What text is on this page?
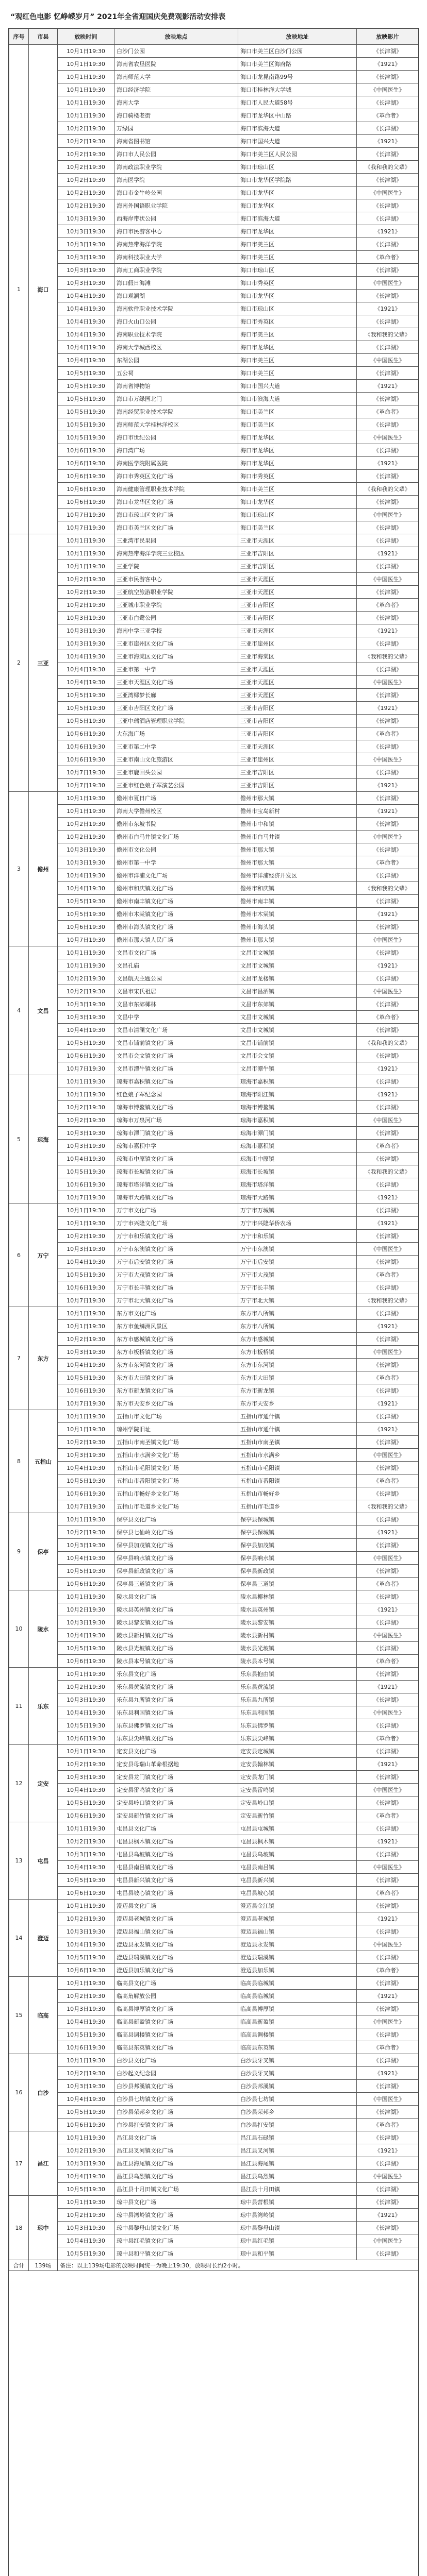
“观红色电影 忆峥嵘岁月” 2021年全省迎国庆免费观影活动安排表
序号	市县	放映时间	放映地点	放映地址	放映影片
1	海口	10月1日19:30	白沙门公园	海口市美兰区白沙门公园	《长津湖》
		10月1日19:30	海南省农垦医院	海口市美兰区海府路	《1921》
		10月1日19:30	海南师范大学	海口市龙昆南路99号	《长津湖》
		10月1日19:30	海口经济学院	海口市桂林洋大学城	《中国医生》
		10月1日19:30	海南大学	海口市人民大道58号	《长津湖》
		10月1日19:30	海口骑楼老街	海口市龙华区中山路	《革命者》
		10月2日19:30	万绿园	海口市滨海大道	《长津湖》
		10月2日19:30	海南省图书馆	海口市国兴大道	《1921》
		10月2日19:30	海口市人民公园	海口市美兰区人民公园	《长津湖》
		10月2日19:30	海南政法职业学院	海口市琼山区	《我和我的父辈》
		10月2日19:30	海南医学院	海口市龙华区学院路	《长津湖》
		10月2日19:30	海口市金牛岭公园	海口市龙华区	《中国医生》
		10月2日19:30	海南外国语职业学院	海口市龙华区	《长津湖》
		10月3日19:30	西海岸带状公园	海口市滨海大道	《长津湖》
		10月3日19:30	海口市民游客中心	海口市龙华区	《1921》
		10月3日19:30	海南热带海洋学院	海口市美兰区	《长津湖》
		10月3日19:30	海南科技职业大学	海口市美兰区	《革命者》
		10月3日19:30	海南工商职业学院	海口市琼山区	《长津湖》
		10月3日19:30	海口假日海滩	海口市秀英区	《中国医生》
		10月4日19:30	海口观澜湖	海口市龙华区	《长津湖》
		10月4日19:30	海南软件职业技术学院	海口市琼山区	《1921》
		10月4日19:30	海口火山口公园	海口市秀英区	《长津湖》
		10月4日19:30	海南职业技术学院	海口市美兰区	《我和我的父辈》
		10月4日19:30	海南大学城西校区	海口市龙华区	《长津湖》
		10月4日19:30	东湖公园	海口市美兰区	《中国医生》
		10月5日19:30	五公祠	海口市美兰区	《长津湖》
		10月5日19:30	海南省博物馆	海口市国兴大道	《1921》
		10月5日19:30	海口市万绿园北门	海口市滨海大道	《长津湖》
		10月5日19:30	海南经贸职业技术学院	海口市美兰区	《革命者》
		10月5日19:30	海南师范大学桂林洋校区	海口市美兰区	《长津湖》
		10月5日19:30	海口市世纪公园	海口市龙华区	《中国医生》
		10月6日19:30	海口湾广场	海口市龙华区	《长津湖》
		10月6日19:30	海南医学院附属医院	海口市龙华区	《1921》
		10月6日19:30	海口市秀英区文化广场	海口市秀英区	《长津湖》
		10月6日19:30	海南健康管理职业技术学院	海口市美兰区	《我和我的父辈》
		10月6日19:30	海口市龙华区文化广场	海口市龙华区	《长津湖》
		10月7日19:30	海口市琼山区文化广场	海口市琼山区	《中国医生》
		10月7日19:30	海口市美兰区文化广场	海口市美兰区	《长津湖》
2	三亚	10月1日19:30	三亚湾市民果园	三亚市天涯区	《长津湖》
		10月1日19:30	海南热带海洋学院三亚校区	三亚市吉阳区	《1921》
		10月1日19:30	三亚学院	三亚市吉阳区	《长津湖》
		10月2日19:30	三亚市民游客中心	三亚市天涯区	《中国医生》
		10月2日19:30	三亚航空旅游职业学院	三亚市天涯区	《长津湖》
		10月2日19:30	三亚城市职业学院	三亚市吉阳区	《革命者》
		10月3日19:30	三亚市白鹭公园	三亚市吉阳区	《长津湖》
		10月3日19:30	海南中学三亚学校	三亚市天涯区	《1921》
		10月3日19:30	三亚市崖州区文化广场	三亚市崖州区	《长津湖》
		10月4日19:30	三亚市海棠区文化广场	三亚市海棠区	《我和我的父辈》
		10月4日19:30	三亚市第一中学	三亚市天涯区	《长津湖》
		10月4日19:30	三亚市天涯区文化广场	三亚市天涯区	《中国医生》
		10月5日19:30	三亚湾椰梦长廊	三亚市天涯区	《长津湖》
		10月5日19:30	三亚市吉阳区文化广场	三亚市吉阳区	《1921》
		10月5日19:30	三亚中瑞酒店管理职业学院	三亚市吉阳区	《长津湖》
		10月6日19:30	大东海广场	三亚市吉阳区	《革命者》
		10月6日19:30	三亚市第二中学	三亚市天涯区	《长津湖》
		10月6日19:30	三亚市南山文化旅游区	三亚市崖州区	《中国医生》
		10月7日19:30	三亚市鹿回头公园	三亚市吉阳区	《长津湖》
		10月7日19:30	三亚市红色娘子军演艺公园	三亚市吉阳区	《1921》
3	儋州	10月1日19:30	儋州市夏日广场	儋州市那大镇	《长津湖》
		10月1日19:30	海南大学儋州校区	儋州市宝岛新村	《1921》
		10月2日19:30	儋州市东坡书院	儋州市中和镇	《长津湖》
		10月2日19:30	儋州市白马井镇文化广场	儋州市白马井镇	《中国医生》
		10月3日19:30	儋州市文化公园	儋州市那大镇	《长津湖》
		10月3日19:30	儋州市第一中学	儋州市那大镇	《革命者》
		10月4日19:30	儋州市洋浦文化广场	儋州市洋浦经济开发区	《长津湖》
		10月4日19:30	儋州市和庆镇文化广场	儋州市和庆镇	《我和我的父辈》
		10月5日19:30	儋州市南丰镇文化广场	儋州市南丰镇	《长津湖》
		10月5日19:30	儋州市木棠镇文化广场	儋州市木棠镇	《1921》
		10月6日19:30	儋州市海头镇文化广场	儋州市海头镇	《长津湖》
		10月7日19:30	儋州市那大镇人民广场	儋州市那大镇	《中国医生》
4	文昌	10月1日19:30	文昌市文化广场	文昌市文城镇	《长津湖》
		10月1日19:30	文昌孔庙	文昌市文城镇	《1921》
		10月2日19:30	文昌航天主题公园	文昌市龙楼镇	《长津湖》
		10月2日19:30	文昌市宋氏祖居	文昌市昌洒镇	《中国医生》
		10月3日19:30	文昌市东郊椰林	文昌市东郊镇	《长津湖》
		10月3日19:30	文昌中学	文昌市文城镇	《革命者》
		10月4日19:30	文昌市清澜文化广场	文昌市文城镇	《长津湖》
		10月5日19:30	文昌市铺前镇文化广场	文昌市铺前镇	《我和我的父辈》
		10月6日19:30	文昌市会文镇文化广场	文昌市会文镇	《长津湖》
		10月7日19:30	文昌市潭牛镇文化广场	文昌市潭牛镇	《1921》
5	琼海	10月1日19:30	琼海市嘉积镇文化广场	琼海市嘉积镇	《长津湖》
		10月1日19:30	红色娘子军纪念园	琼海市阳江镇	《1921》
		10月2日19:30	琼海市博鳌镇文化广场	琼海市博鳌镇	《长津湖》
		10月2日19:30	琼海市万泉河广场	琼海市嘉积镇	《中国医生》
		10月3日19:30	琼海市潭门镇文化广场	琼海市潭门镇	《长津湖》
		10月3日19:30	琼海市嘉积中学	琼海市嘉积镇	《革命者》
		10月4日19:30	琼海市中原镇文化广场	琼海市中原镇	《长津湖》
		10月5日19:30	琼海市长坡镇文化广场	琼海市长坡镇	《我和我的父辈》
		10月6日19:30	琼海市塔洋镇文化广场	琼海市塔洋镇	《长津湖》
		10月7日19:30	琼海市大路镇文化广场	琼海市大路镇	《1921》
6	万宁	10月1日19:30	万宁市文化广场	万宁市万城镇	《长津湖》
		10月1日19:30	万宁市兴隆文化广场	万宁市兴隆华侨农场	《1921》
		10月2日19:30	万宁市和乐镇文化广场	万宁市和乐镇	《长津湖》
		10月3日19:30	万宁市东澳镇文化广场	万宁市东澳镇	《中国医生》
		10月4日19:30	万宁市后安镇文化广场	万宁市后安镇	《长津湖》
		10月5日19:30	万宁市大茂镇文化广场	万宁市大茂镇	《革命者》
		10月6日19:30	万宁市长丰镇文化广场	万宁市长丰镇	《长津湖》
		10月7日19:30	万宁市北大镇文化广场	万宁市北大镇	《我和我的父辈》
7	东方	10月1日19:30	东方市文化广场	东方市八所镇	《长津湖》
		10月1日19:30	东方市鱼鳞洲风景区	东方市八所镇	《1921》
		10月2日19:30	东方市感城镇文化广场	东方市感城镇	《长津湖》
		10月3日19:30	东方市板桥镇文化广场	东方市板桥镇	《中国医生》
		10月4日19:30	东方市东河镇文化广场	东方市东河镇	《长津湖》
		10月5日19:30	东方市大田镇文化广场	东方市大田镇	《革命者》
		10月6日19:30	东方市新龙镇文化广场	东方市新龙镇	《长津湖》
		10月7日19:30	东方市天安乡文化广场	东方市天安乡	《1921》
8	五指山	10月1日19:30	五指山市文化广场	五指山市通什镇	《长津湖》
		10月1日19:30	琼州学院旧址	五指山市通什镇	《1921》
		10月2日19:30	五指山市南圣镇文化广场	五指山市南圣镇	《长津湖》
		10月3日19:30	五指山市水满乡文化广场	五指山市水满乡	《中国医生》
		10月4日19:30	五指山市毛阳镇文化广场	五指山市毛阳镇	《长津湖》
		10月5日19:30	五指山市番阳镇文化广场	五指山市番阳镇	《革命者》
		10月6日19:30	五指山市畅好乡文化广场	五指山市畅好乡	《长津湖》
		10月7日19:30	五指山市毛道乡文化广场	五指山市毛道乡	《我和我的父辈》
9	保亭	10月1日19:30	保亭县文化广场	保亭县保城镇	《长津湖》
		10月2日19:30	保亭县七仙岭文化广场	保亭县保城镇	《1921》
		10月3日19:30	保亭县加茂镇文化广场	保亭县加茂镇	《长津湖》
		10月4日19:30	保亭县响水镇文化广场	保亭县响水镇	《中国医生》
		10月5日19:30	保亭县新政镇文化广场	保亭县新政镇	《长津湖》
		10月6日19:30	保亭县三道镇文化广场	保亭县三道镇	《革命者》
10	陵水	10月1日19:30	陵水县文化广场	陵水县椰林镇	《长津湖》
		10月2日19:30	陵水县英州镇文化广场	陵水县英州镇	《1921》
		10月3日19:30	陵水县黎安镇文化广场	陵水县黎安镇	《长津湖》
		10月4日19:30	陵水县新村镇文化广场	陵水县新村镇	《中国医生》
		10月5日19:30	陵水县光坡镇文化广场	陵水县光坡镇	《长津湖》
		10月6日19:30	陵水县本号镇文化广场	陵水县本号镇	《革命者》
11	乐东	10月1日19:30	乐东县文化广场	乐东县抱由镇	《长津湖》
		10月2日19:30	乐东县黄流镇文化广场	乐东县黄流镇	《1921》
		10月3日19:30	乐东县九所镇文化广场	乐东县九所镇	《长津湖》
		10月4日19:30	乐东县利国镇文化广场	乐东县利国镇	《中国医生》
		10月5日19:30	乐东县佛罗镇文化广场	乐东县佛罗镇	《长津湖》
		10月6日19:30	乐东县尖峰镇文化广场	乐东县尖峰镇	《革命者》
12	定安	10月1日19:30	定安县文化广场	定安县定城镇	《长津湖》
		10月2日19:30	定安县母瑞山革命根据地	定安县翰林镇	《1921》
		10月3日19:30	定安县龙门镇文化广场	定安县龙门镇	《长津湖》
		10月4日19:30	定安县雷鸣镇文化广场	定安县雷鸣镇	《中国医生》
		10月5日19:30	定安县岭口镇文化广场	定安县岭口镇	《长津湖》
		10月6日19:30	定安县新竹镇文化广场	定安县新竹镇	《革命者》
13	屯昌	10月1日19:30	屯昌县文化广场	屯昌县屯城镇	《长津湖》
		10月2日19:30	屯昌县枫木镇文化广场	屯昌县枫木镇	《1921》
		10月3日19:30	屯昌县乌坡镇文化广场	屯昌县乌坡镇	《长津湖》
		10月4日19:30	屯昌县南吕镇文化广场	屯昌县南吕镇	《中国医生》
		10月5日19:30	屯昌县新兴镇文化广场	屯昌县新兴镇	《长津湖》
		10月6日19:30	屯昌县坡心镇文化广场	屯昌县坡心镇	《革命者》
14	澄迈	10月1日19:30	澄迈县文化广场	澄迈县金江镇	《长津湖》
		10月2日19:30	澄迈县老城镇文化广场	澄迈县老城镇	《1921》
		10月3日19:30	澄迈县福山镇文化广场	澄迈县福山镇	《长津湖》
		10月4日19:30	澄迈县永发镇文化广场	澄迈县永发镇	《中国医生》
		10月5日19:30	澄迈县瑞溪镇文化广场	澄迈县瑞溪镇	《长津湖》
		10月6日19:30	澄迈县加乐镇文化广场	澄迈县加乐镇	《革命者》
15	临高	10月1日19:30	临高县文化广场	临高县临城镇	《长津湖》
		10月2日19:30	临高角解放公园	临高县临城镇	《1921》
		10月3日19:30	临高县博厚镇文化广场	临高县博厚镇	《长津湖》
		10月4日19:30	临高县新盈镇文化广场	临高县新盈镇	《中国医生》
		10月5日19:30	临高县调楼镇文化广场	临高县调楼镇	《长津湖》
		10月6日19:30	临高县东英镇文化广场	临高县东英镇	《革命者》
16	白沙	10月1日19:30	白沙县文化广场	白沙县牙叉镇	《长津湖》
		10月2日19:30	白沙起义纪念园	白沙县牙叉镇	《1921》
		10月3日19:30	白沙县邦溪镇文化广场	白沙县邦溪镇	《长津湖》
		10月4日19:30	白沙县七坊镇文化广场	白沙县七坊镇	《中国医生》
		10月5日19:30	白沙县荣邦乡文化广场	白沙县荣邦乡	《长津湖》
		10月6日19:30	白沙县打安镇文化广场	白沙县打安镇	《革命者》
17	昌江	10月1日19:30	昌江县文化广场	昌江县石碌镇	《长津湖》
		10月2日19:30	昌江县叉河镇文化广场	昌江县叉河镇	《1921》
		10月3日19:30	昌江县海尾镇文化广场	昌江县海尾镇	《长津湖》
		10月4日19:30	昌江县乌烈镇文化广场	昌江县乌烈镇	《中国医生》
		10月5日19:30	昌江县十月田镇文化广场	昌江县十月田镇	《长津湖》
18	琼中	10月1日19:30	琼中县文化广场	琼中县营根镇	《长津湖》
		10月2日19:30	琼中县湾岭镇文化广场	琼中县湾岭镇	《1921》
		10月3日19:30	琼中县黎母山镇文化广场	琼中县黎母山镇	《长津湖》
		10月4日19:30	琼中县红毛镇文化广场	琼中县红毛镇	《中国医生》
		10月5日19:30	琼中县和平镇文化广场	琼中县和平镇	《长津湖》
合计	139场	备注：以上139场电影的放映时间统一为晚上19:30，放映时长约2小时。			
